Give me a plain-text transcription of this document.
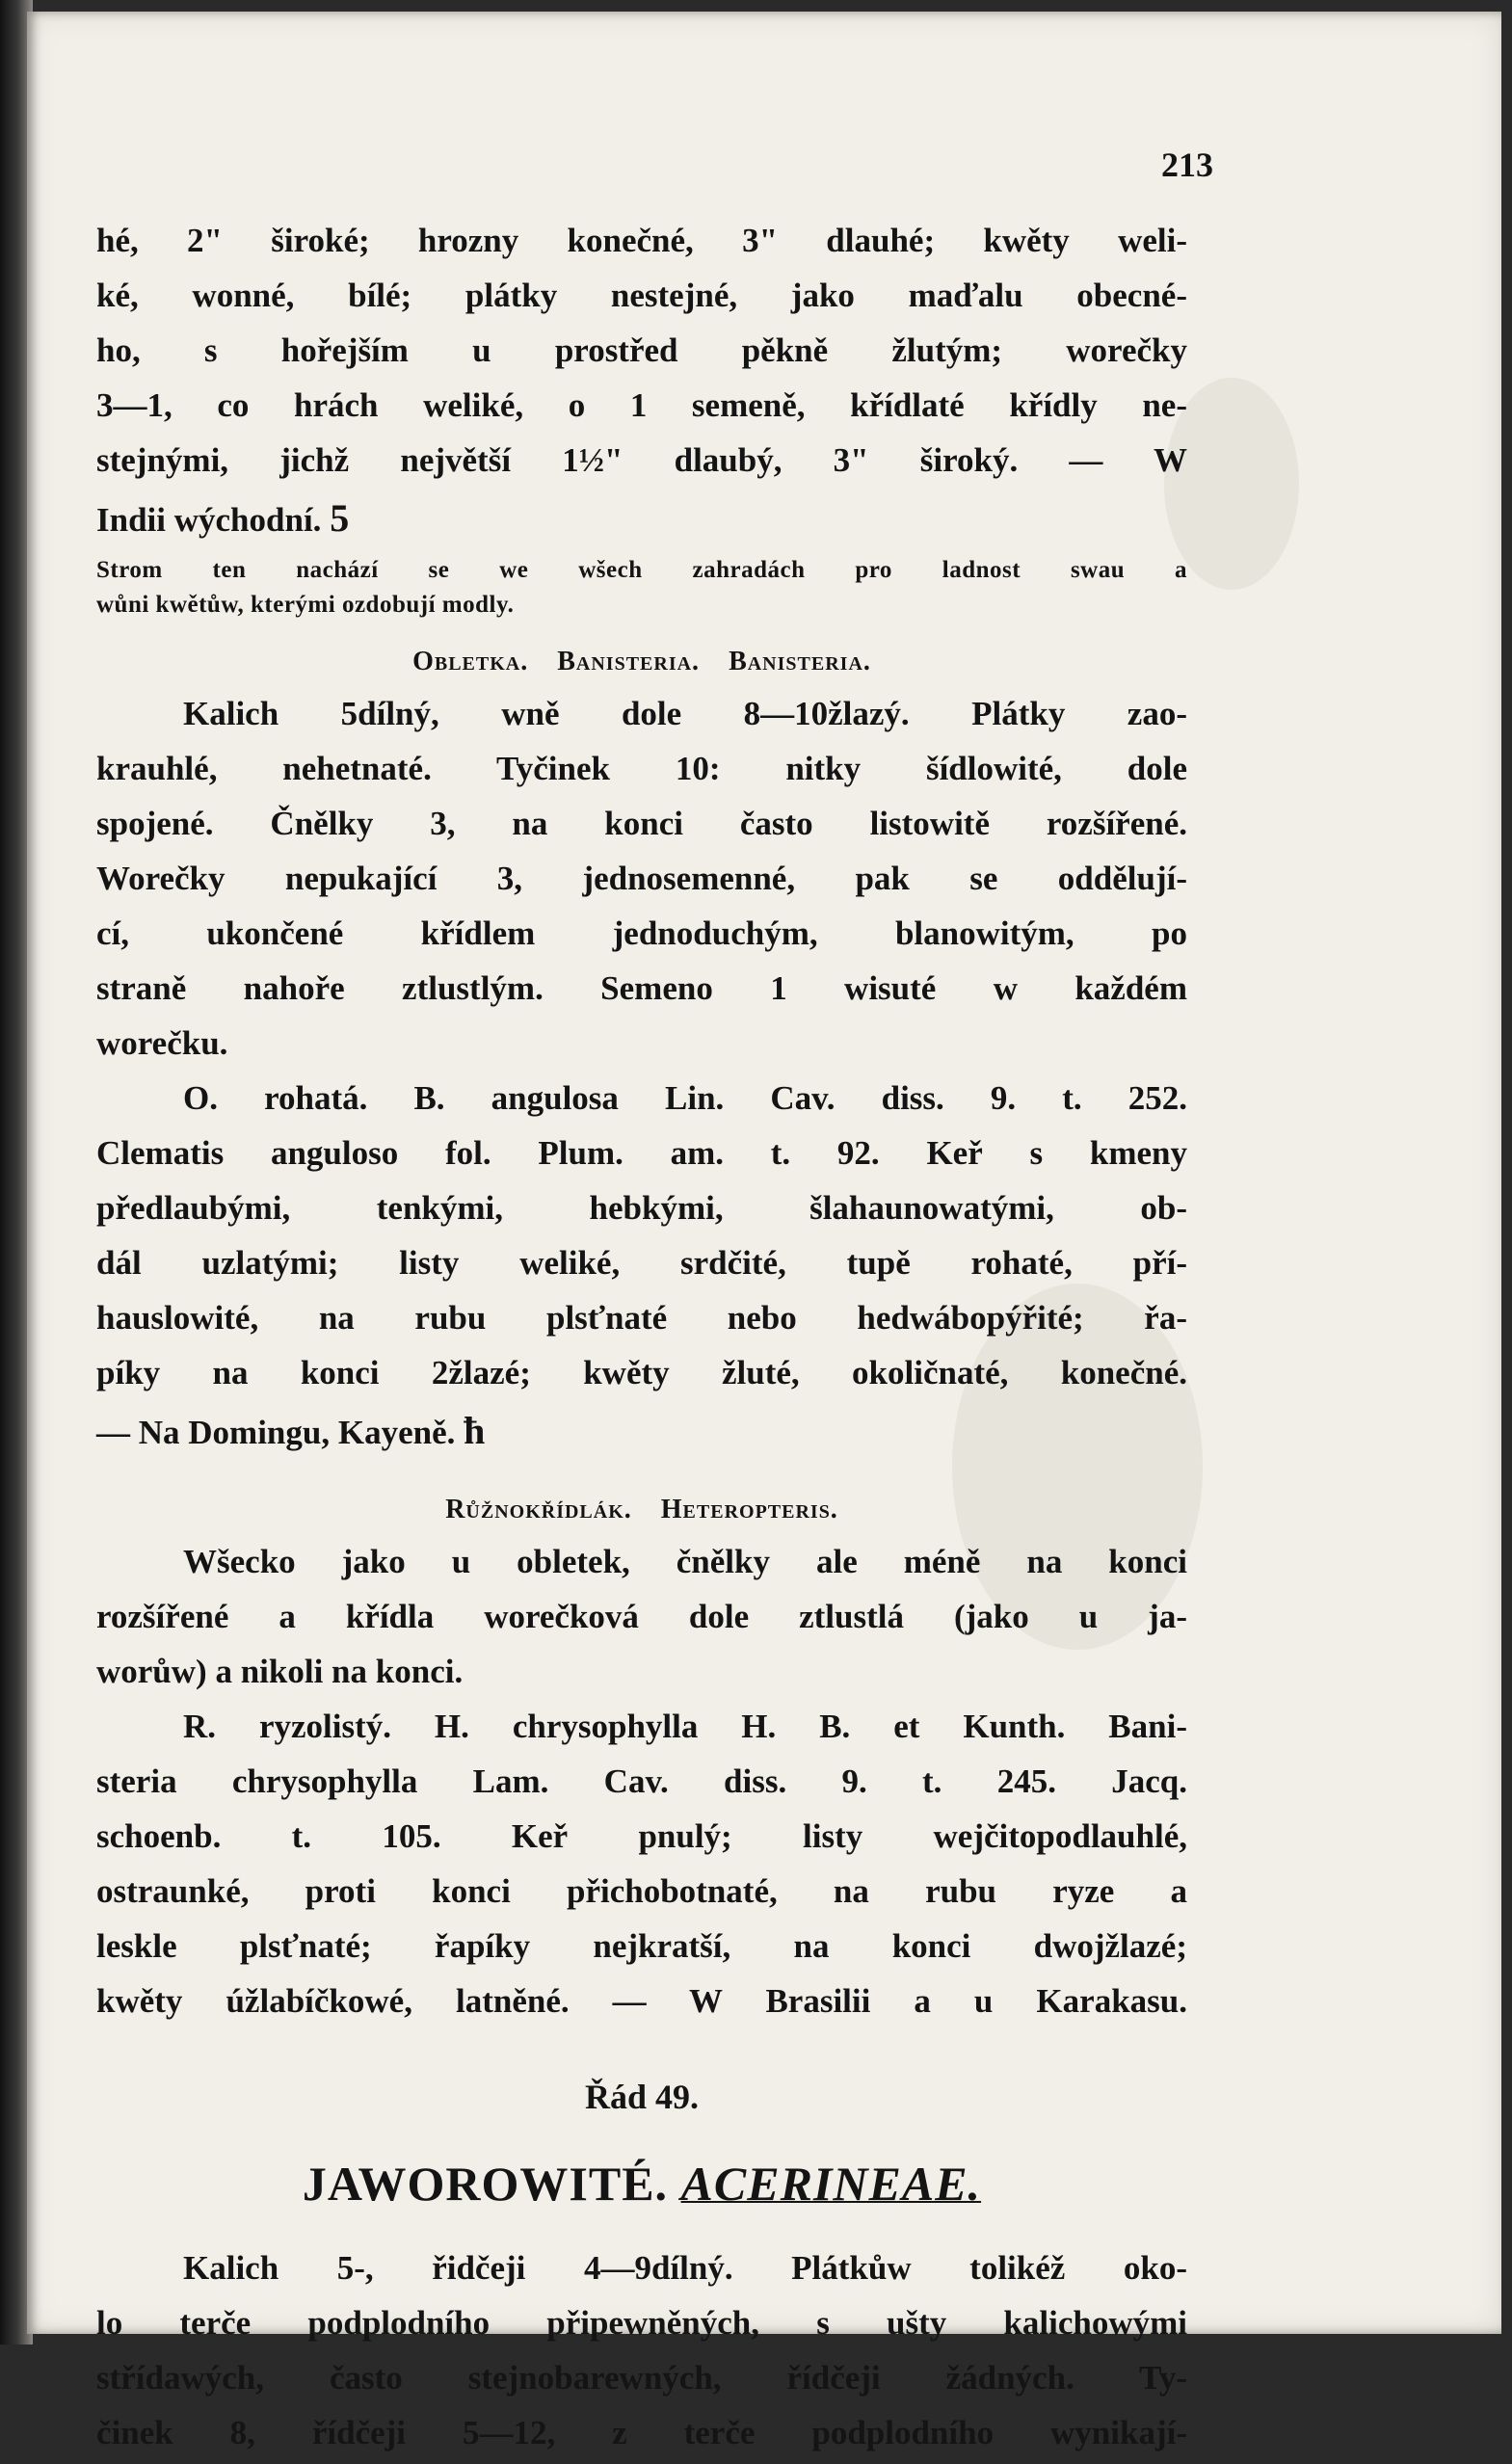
213
hé, 2" široké; hrozny konečné, 3" dlauhé; kwěty weli-
ké, wonné, bílé; plátky nestejné, jako maďalu obecné-
ho, s hořejším u prostřed pěkně žlutým; worečky
3—1, co hrách weliké, o 1 semeně, křídlaté křídly ne-
stejnými, jichž největší 1½" dlaubý, 3" široký. — W
Indii wýchodní. 5
Strom ten nachází se we wšech zahradách pro ladnost swau a
wůni kwětůw, kterými ozdobují modly.
Obletka. Banisteria. Banisteria.
Kalich 5dílný, wně dole 8—10žlazý. Plátky zao-
krauhlé, nehetnaté. Tyčinek 10: nitky šídlowité, dole
spojené. Čnělky 3, na konci často listowitě rozšířené.
Worečky nepukající 3, jednosemenné, pak se oddělují-
cí, ukončené křídlem jednoduchým, blanowitým, po
straně nahoře ztlustlým. Semeno 1 wisuté w každém
worečku.
O. rohatá. B. angulosa Lin. Cav. diss. 9. t. 252.
Clematis anguloso fol. Plum. am. t. 92. Keř s kmeny
předlaubými, tenkými, hebkými, šlahaunowatými, ob-
dál uzlatými; listy weliké, srdčité, tupě rohaté, pří-
hauslowité, na rubu plsťnaté nebo hedwábopýřité; řa-
píky na konci 2žlazé; kwěty žluté, okoličnaté, konečné.
— Na Domingu, Kayeně. ħ
Růžnokřídlák. Heteropteris.
Wšecko jako u obletek, čnělky ale méně na konci
rozšířené a křídla worečková dole ztlustlá (jako u ja-
worůw) a nikoli na konci.
R. ryzolistý. H. chrysophylla H. B. et Kunth. Bani-
steria chrysophylla Lam. Cav. diss. 9. t. 245. Jacq.
schoenb. t. 105. Keř pnulý; listy wejčitopodlauhlé,
ostraunké, proti konci přichobotnaté, na rubu ryze a
leskle plsťnaté; řapíky nejkratší, na konci dwojžlazé;
kwěty úžlabíčkowé, latněné. — W Brasilii a u Karakasu.
Řád 49.
JAWOROWITÉ. ACERINEAE.
Kalich 5-, řidčeji 4—9dílný. Plátkůw tolikéž oko-
lo terče podplodního připewněných, s ušty kalichowými
střídawých, často stejnobarewných, řídčeji žádných. Ty-
činek 8, řídčeji 5—12, z terče podplodního wynikají-
